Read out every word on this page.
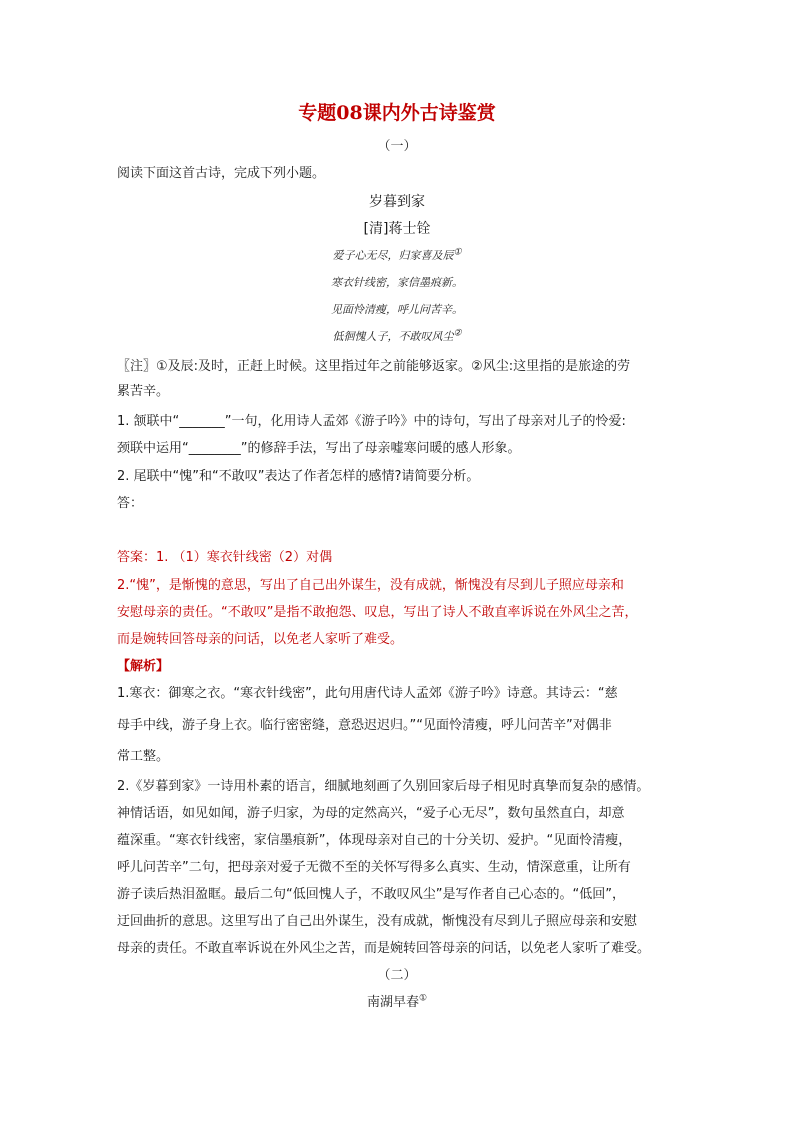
专题08课内外古诗鉴赏
（一）
阅读下面这首古诗，完成下列小题。
岁暮到家
[清]蒋士铨
爱子心无尽，归家喜及辰①
寒衣针线密，家信墨痕新。
见面怜清瘦，呼儿问苦辛。
低徊愧人子，不敢叹风尘②
〖注〗①及辰:及时，正赶上时候。这里指过年之前能够返家。②风尘:这里指的是旅途的劳
累苦辛。
1. 颔联中“_______”一句，化用诗人孟郊《游子吟》中的诗句，写出了母亲对儿子的怜爱:
颈联中运用“________”的修辞手法，写出了母亲嘘寒问暖的感人形象。
2. 尾联中“愧”和“不敢叹”表达了作者怎样的感情?请简要分析。
答：
答案：1. （1）寒衣针线密（2）对偶
2.“愧”，是惭愧的意思，写出了自己出外谋生，没有成就，惭愧没有尽到儿子照应母亲和
安慰母亲的责任。“不敢叹”是指不敢抱怨、叹息，写出了诗人不敢直率诉说在外风尘之苦，
而是婉转回答母亲的问话，以免老人家听了难受。
【解析】
1.寒衣：御寒之衣。“寒衣针线密”，此句用唐代诗人孟郊《游子吟》诗意。其诗云：“慈
母手中线，游子身上衣。临行密密缝，意恐迟迟归。”“见面怜清瘦，呼儿问苦辛”对偶非
常工整。
2.《岁暮到家》一诗用朴素的语言，细腻地刻画了久别回家后母子相见时真挚而复杂的感情。
神情话语，如见如闻，游子归家，为母的定然高兴，“爱子心无尽”，数句虽然直白，却意
蕴深重。“寒衣针线密，家信墨痕新”，体现母亲对自己的十分关切、爱护。“见面怜清瘦，
呼儿问苦辛”二句，把母亲对爱子无微不至的关怀写得多么真实、生动，情深意重，让所有
游子读后热泪盈眶。最后二句“低回愧人子，不敢叹风尘”是写作者自己心态的。“低回”，
迂回曲折的意思。这里写出了自己出外谋生，没有成就，惭愧没有尽到儿子照应母亲和安慰
母亲的责任。不敢直率诉说在外风尘之苦，而是婉转回答母亲的问话，以免老人家听了难受。
（二）
南湖早春①
